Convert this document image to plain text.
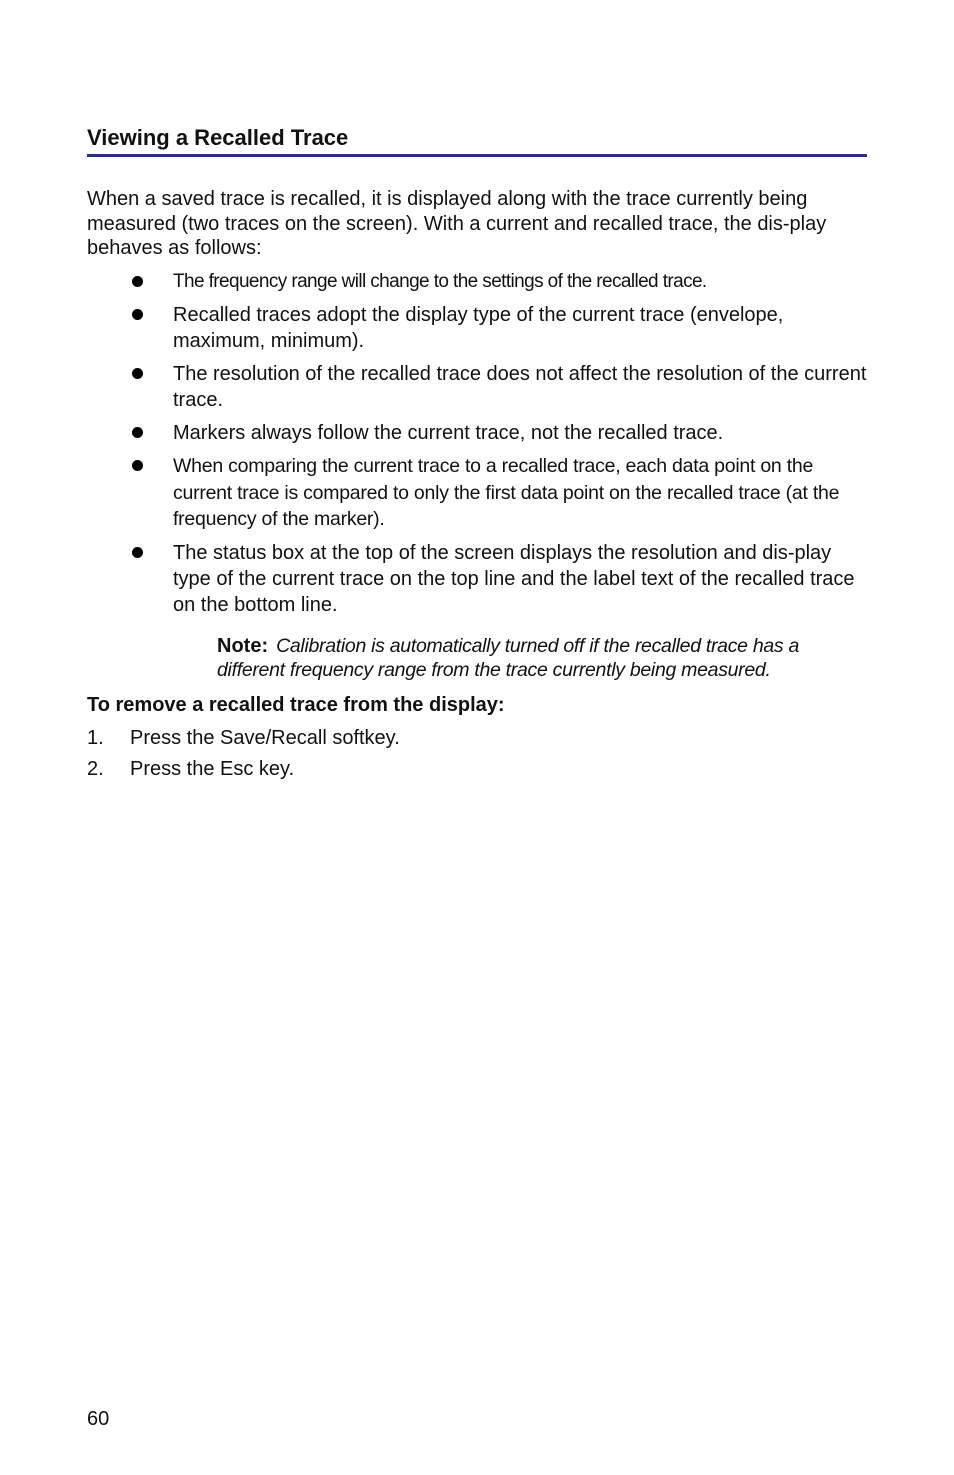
Viewing a Recalled Trace

When a saved trace is recalled, it is displayed along with the trace currently being measured (two traces on the screen). With a current and recalled trace, the dis-play behaves as follows:

The frequency range will change to the settings of the recalled trace.
Recalled traces adopt the display type of the current trace (envelope, maximum, minimum).
The resolution of the recalled trace does not affect the resolution of the current trace.
Markers always follow the current trace, not the recalled trace.
When comparing the current trace to a recalled trace, each data point on the current trace is compared to only the first data point on the recalled trace (at the frequency of the marker).
The status box at the top of the screen displays the resolution and dis-play type of the current trace on the top line and the label text of the recalled trace on the bottom line.

Note: Calibration is automatically turned off if the recalled trace has a different frequency range from the trace currently being measured.

To remove a recalled trace from the display:

1. Press the Save/Recall softkey.
2. Press the Esc key.
60
